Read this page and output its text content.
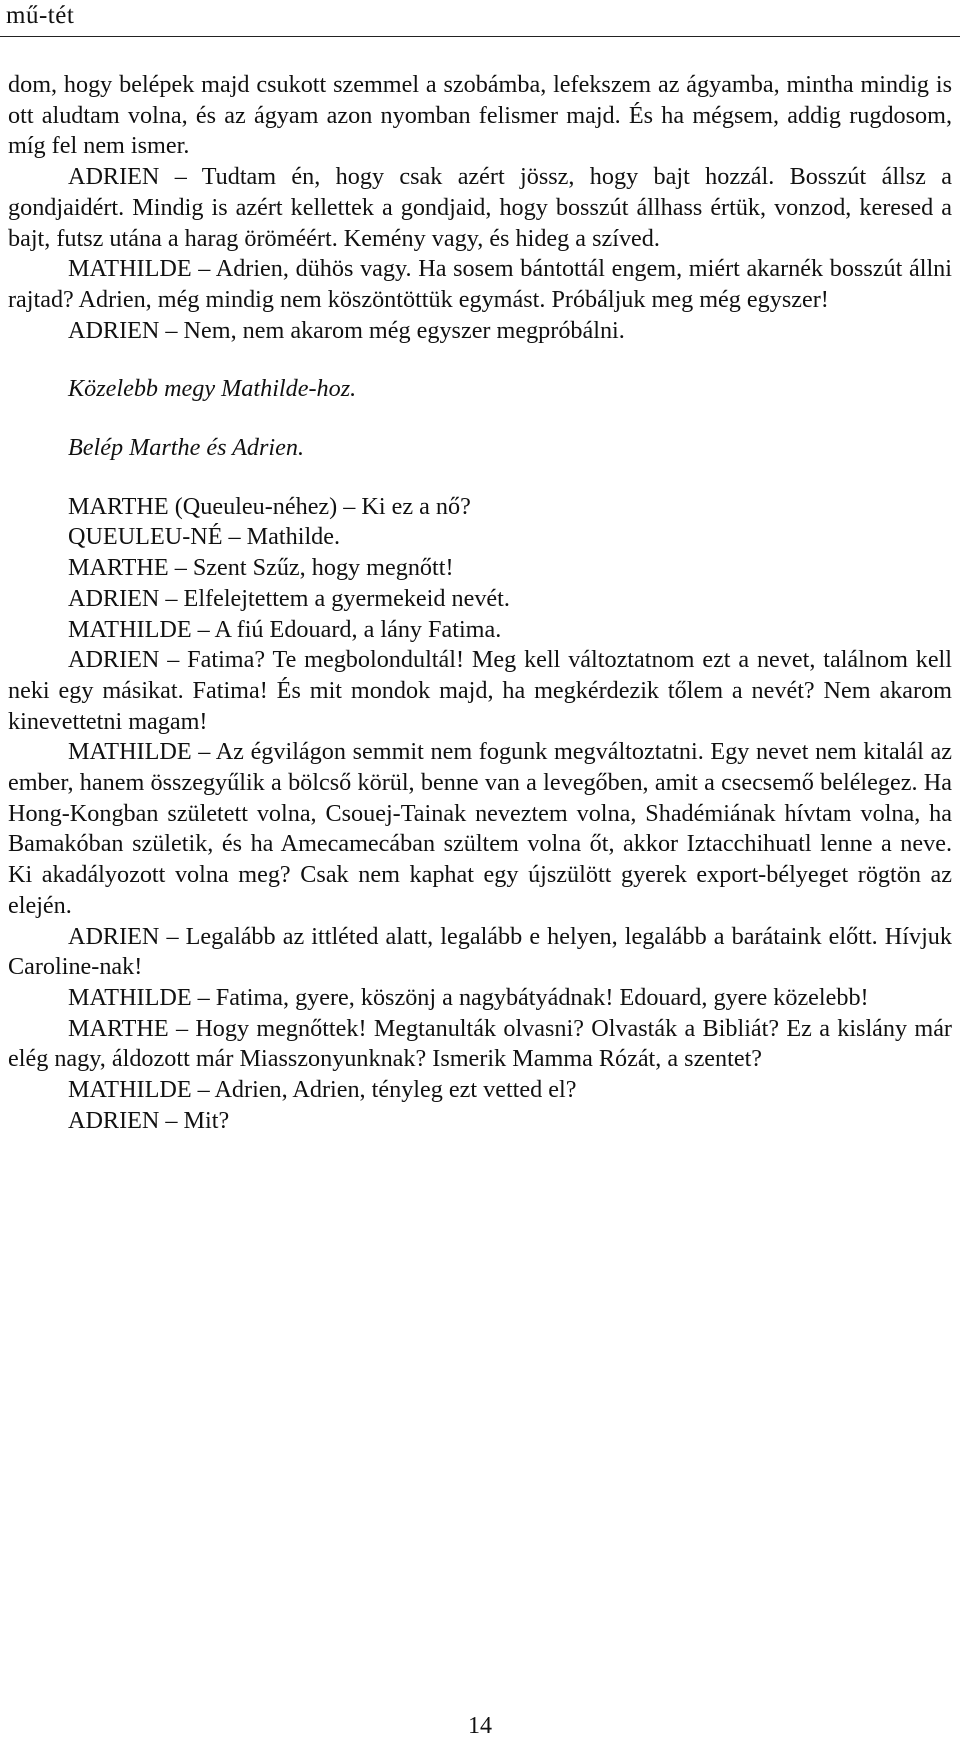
mű-tét

dom, hogy belépek majd csukott szemmel a szobámba, lefekszem az ágyamba, mintha mindig is ott aludtam volna, és az ágyam azon nyomban felismer majd. És ha mégsem, addig rugdosom, míg fel nem ismer.

ADRIEN – Tudtam én, hogy csak azért jössz, hogy bajt hozzál. Bosszút állsz a gondjaidért. Mindig is azért kellettek a gondjaid, hogy bosszút állhass értük, vonzod, keresed a bajt, futsz utána a harag öröméért. Kemény vagy, és hideg a szíved.

MATHILDE – Adrien, dühös vagy. Ha sosem bántottál engem, miért akarnék bosszút állni rajtad? Adrien, még mindig nem köszöntöttük egymást. Próbáljuk meg még egyszer!

ADRIEN – Nem, nem akarom még egyszer megpróbálni.

Közelebb megy Mathilde-hoz.

Belép Marthe és Adrien.

MARTHE (Queuleu-néhez) – Ki ez a nő?

QUEULEU-NÉ – Mathilde.

MARTHE – Szent Szűz, hogy megnőtt!

ADRIEN – Elfelejtettem a gyermekeid nevét.

MATHILDE – A fiú Edouard, a lány Fatima.

ADRIEN – Fatima? Te megbolondultál! Meg kell változtatnom ezt a nevet, találnom kell neki egy másikat. Fatima! És mit mondok majd, ha megkérdezik tőlem a nevét? Nem akarom kinevettetni magam!

MATHILDE – Az égvilágon semmit nem fogunk megváltoztatni. Egy nevet nem kitalál az ember, hanem összegyűlik a bölcső körül, benne van a levegőben, amit a csecsemő belélegez. Ha Hong-Kongban született volna, Csouej-Tainak neveztem volna, Shadémiának hívtam volna, ha Bamakóban születik, és ha Amecamecában szültem volna őt, akkor Iztacchihuatl lenne a neve. Ki akadályozott volna meg? Csak nem kaphat egy újszülött gyerek export-bélyeget rögtön az elején.

ADRIEN – Legalább az ittléted alatt, legalább e helyen, legalább a barátaink előtt. Hívjuk Caroline-nak!

MATHILDE – Fatima, gyere, köszönj a nagybátyádnak! Edouard, gyere közelebb!

MARTHE – Hogy megnőttek! Megtanulták olvasni? Olvasták a Bibliát? Ez a kislány már elég nagy, áldozott már Miasszonyunknak? Ismerik Mamma Rózát, a szentet?

MATHILDE – Adrien, Adrien, tényleg ezt vetted el?

ADRIEN – Mit?

14
